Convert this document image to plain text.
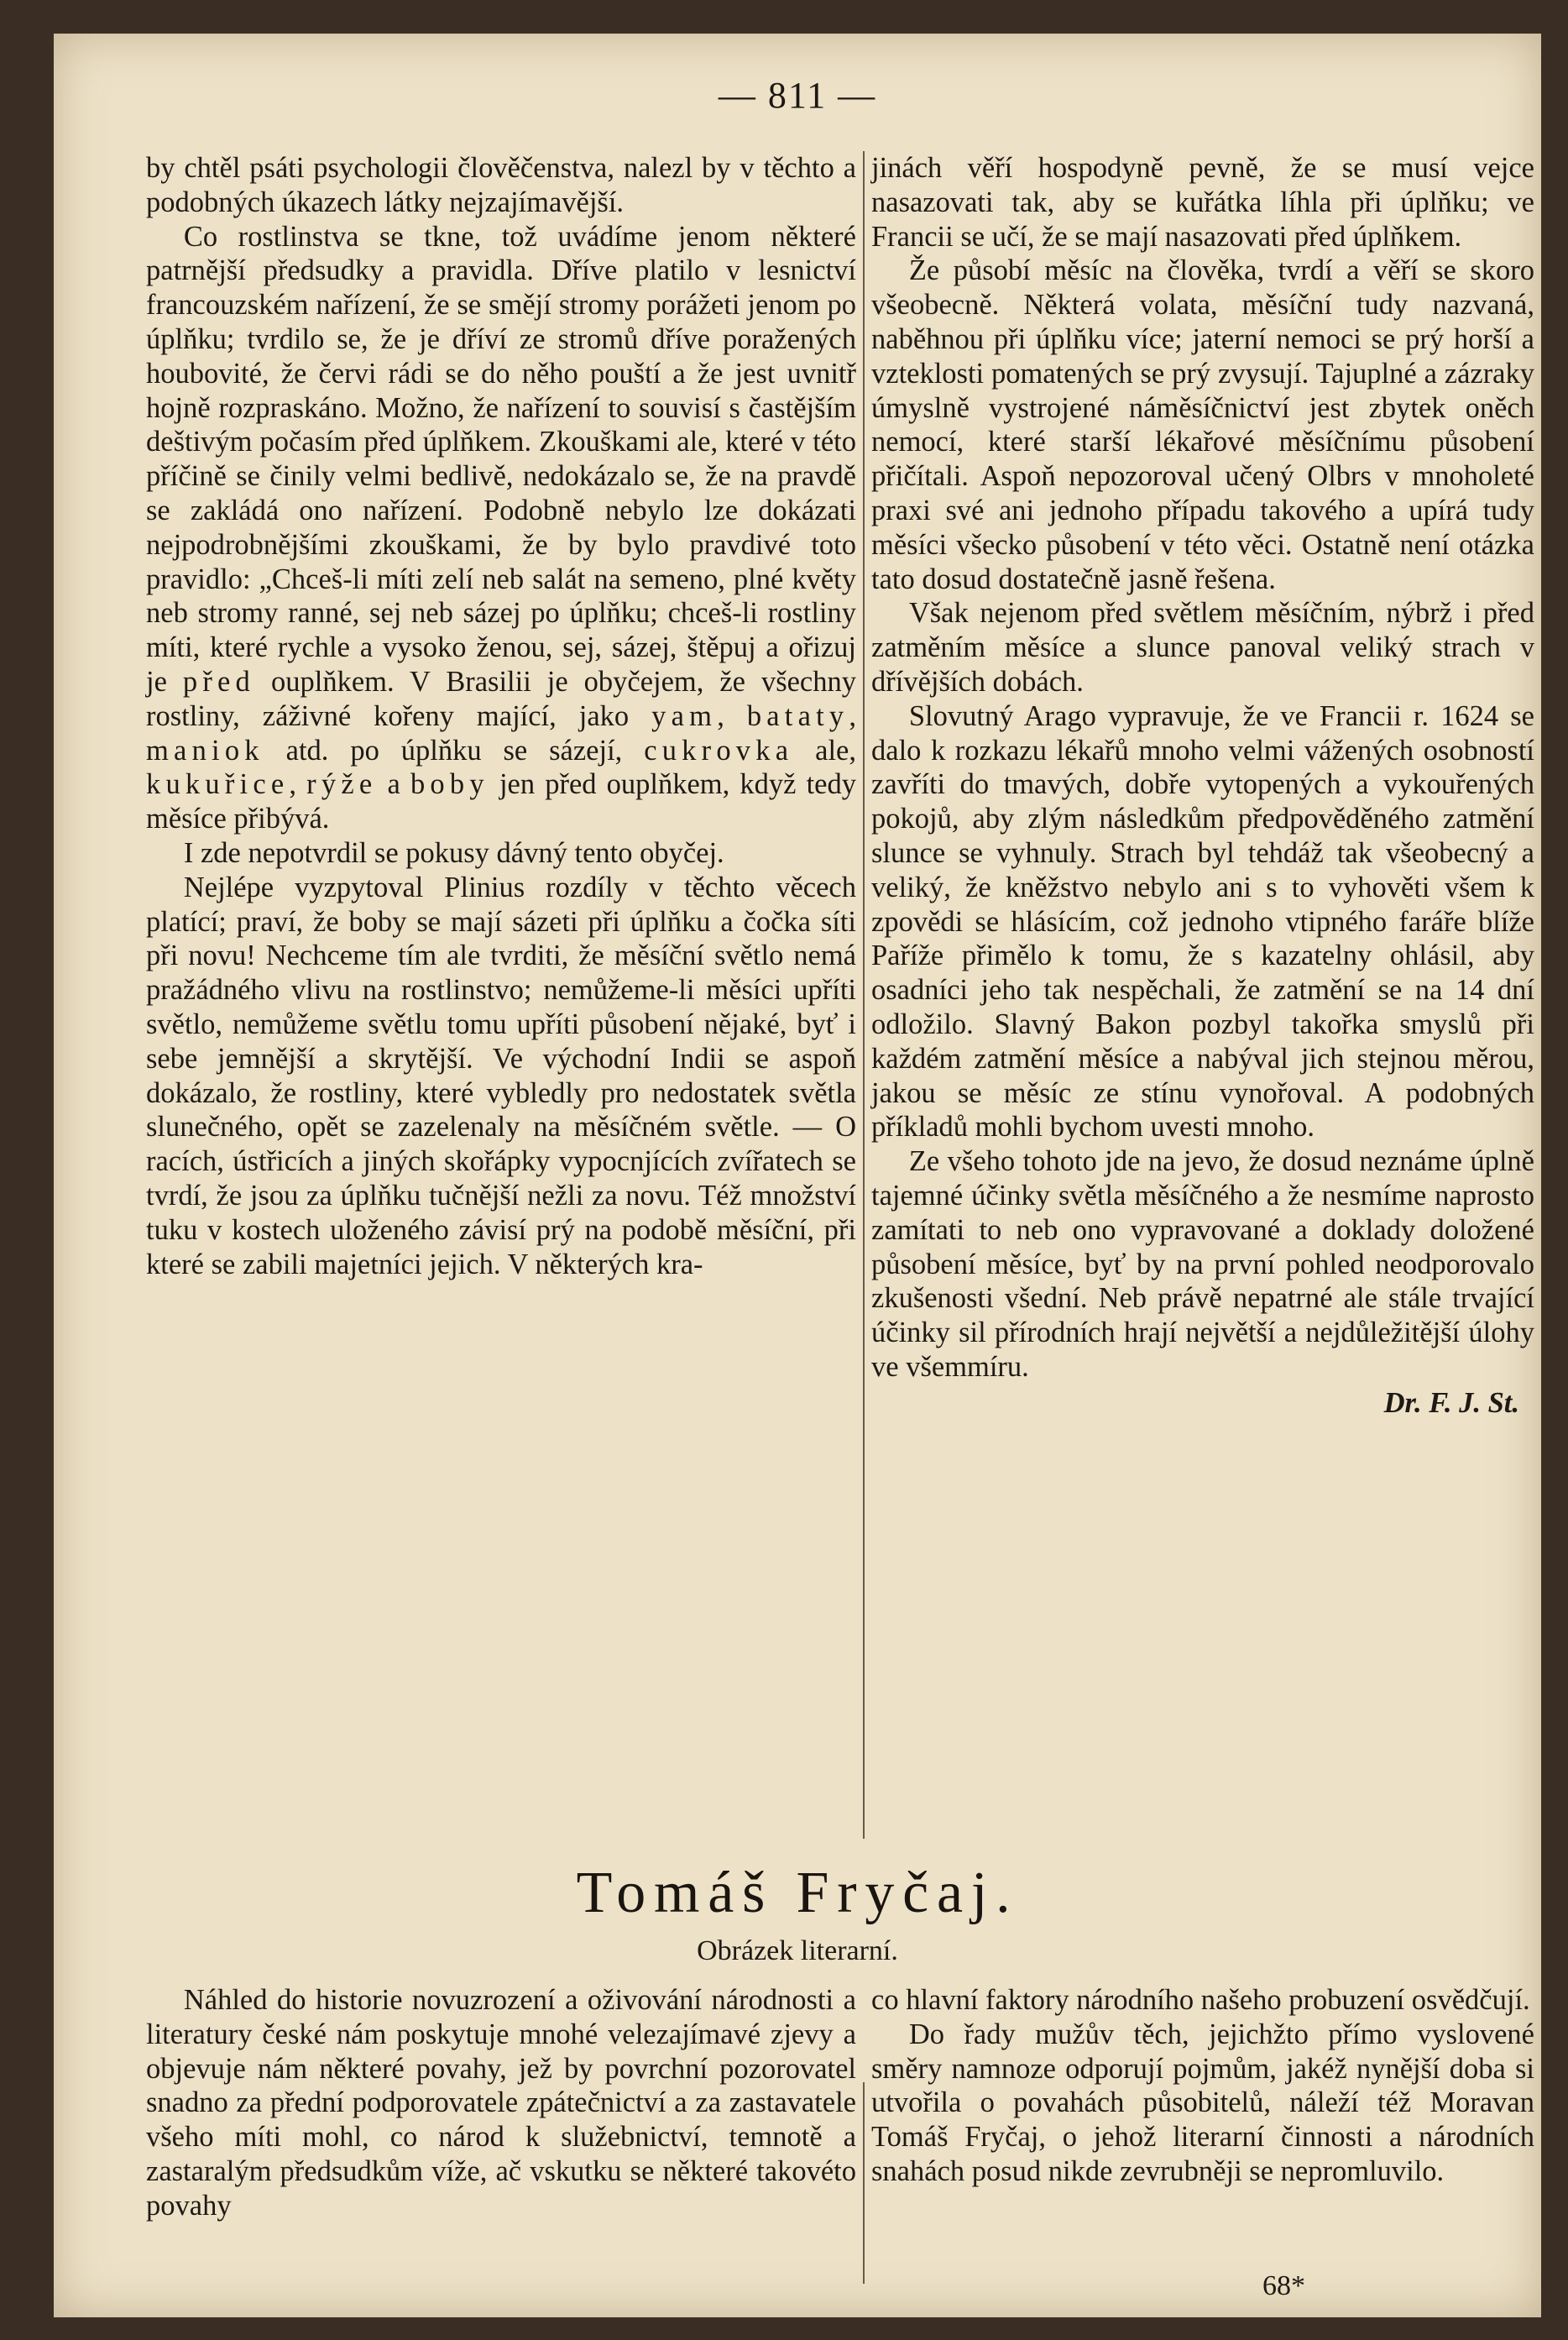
— 811 —

by chtěl psáti psychologii člověčenstva, nalezl by v těchto a podobných úkazech látky nejzajímavější.

Co rostlinstva se tkne, tož uvádíme jenom některé patrnější předsudky a pravidla. Dříve platilo v lesnictví francouzském nařízení, že se smějí stromy porážeti jenom po úplňku; tvrdilo se, že je dříví ze stromů dříve poražených houbovité, že červi rádi se do něho pouští a že jest uvnitř hojně rozpraskáno. Možno, že nařízení to souvisí s častějším deštivým počasím před úplňkem. Zkouškami ale, které v této příčině se činily velmi bedlivě, nedokázalo se, že na pravdě se zakládá ono nařízení. Podobně nebylo lze dokázati nejpodrobnějšími zkouškami, že by bylo pravdivé toto pravidlo: „Chceš-li míti zelí neb salát na semeno, plné květy neb stromy ranné, sej neb sázej po úplňku; chceš-li rostliny míti, které rychle a vysoko ženou, sej, sázej, štěpuj a ořizuj je před ouplňkem. V Brasilii je obyčejem, že všechny rostliny, záživné kořeny mající, jako yam, bataty, maniok atd. po úplňku se sázejí, cukrovka ale, kukuřice, rýže a boby jen před ouplňkem, když tedy měsíce přibývá.

I zde nepotvrdil se pokusy dávný tento obyčej.

Nejlépe vyzpytoval Plinius rozdíly v těchto věcech platící; praví, že boby se mají sázeti při úplňku a čočka síti při novu! Nechceme tím ale tvrditi, že měsíční světlo nemá pražádného vlivu na rostlinstvo; nemůžeme-li měsíci upříti světlo, nemůžeme světlu tomu upříti působení nějaké, byť i sebe jemnější a skrytější. Ve východní Indii se aspoň dokázalo, že rostliny, které vybledly pro nedostatek světla slunečného, opět se zazelenaly na měsíčném světle. — O racích, ústřicích a jiných skořápky vypocnjících zvířatech se tvrdí, že jsou za úplňku tučnější nežli za novu. Též množství tuku v kostech uloženého závisí prý na podobě měsíční, při které se zabili majetníci jejich. V některých kra-

jinách věří hospodyně pevně, že se musí vejce nasazovati tak, aby se kuřátka líhla při úplňku; ve Francii se učí, že se mají nasazovati před úplňkem.

Že působí měsíc na člověka, tvrdí a věří se skoro všeobecně. Některá volata, měsíční tudy nazvaná, naběhnou při úplňku více; jaterní nemoci se prý horší a vzteklosti pomatených se prý zvysují. Tajuplné a zázraky úmyslně vystrojené náměsíčnictví jest zbytek oněch nemocí, které starší lékařové měsíčnímu působení přičítali. Aspoň nepozoroval učený Olbrs v mnoholeté praxi své ani jednoho případu takového a upírá tudy měsíci všecko působení v této věci. Ostatně není otázka tato dosud dostatečně jasně řešena.

Však nejenom před světlem měsíčním, nýbrž i před zatměním měsíce a slunce panoval veliký strach v dřívějších dobách.

Slovutný Arago vypravuje, že ve Francii r. 1624 se dalo k rozkazu lékařů mnoho velmi vážených osobností zavříti do tmavých, dobře vytopených a vykouřených pokojů, aby zlým následkům předpověděného zatmění slunce se vyhnuly. Strach byl tehdáž tak všeobecný a veliký, že kněžstvo nebylo ani s to vyhověti všem k zpovědi se hlásícím, což jednoho vtipného faráře blíže Paříže přimělo k tomu, že s kazatelny ohlásil, aby osadníci jeho tak nespěchali, že zatmění se na 14 dní odložilo. Slavný Bakon pozbyl takořka smyslů při každém zatmění měsíce a nabýval jich stejnou měrou, jakou se měsíc ze stínu vynořoval. A podobných příkladů mohli bychom uvesti mnoho.

Ze všeho tohoto jde na jevo, že dosud neznáme úplně tajemné účinky světla měsíčného a že nesmíme naprosto zamítati to neb ono vypravované a doklady doložené působení měsíce, byť by na první pohled neodporovalo zkušenosti všední. Neb právě nepatrné ale stále trvající účinky sil přírodních hrají největší a nejdůležitější úlohy ve všemmíru.

Dr. F. J. St.
Tomáš Fryčaj.
Obrázek literarní.

Náhled do historie novuzrození a oživování národnosti a literatury české nám poskytuje mnohé velezajímavé zjevy a objevuje nám některé povahy, jež by povrchní pozorovatel snadno za přední podporovatele zpátečnictví a za zastavatele všeho míti mohl, co národ k služebnictví, temnotě a zastaralým předsudkům víže, ač vskutku se některé takovéto povahy

co hlavní faktory národního našeho probuzení osvědčují.

Do řady mužův těch, jejichžto přímo vyslovené směry namnoze odporují pojmům, jakéž nynější doba si utvořila o povahách působitelů, náleží též Moravan Tomáš Fryčaj, o jehož literarní činnosti a národních snahách posud nikde zevrubněji se nepromluvilo.

68*
